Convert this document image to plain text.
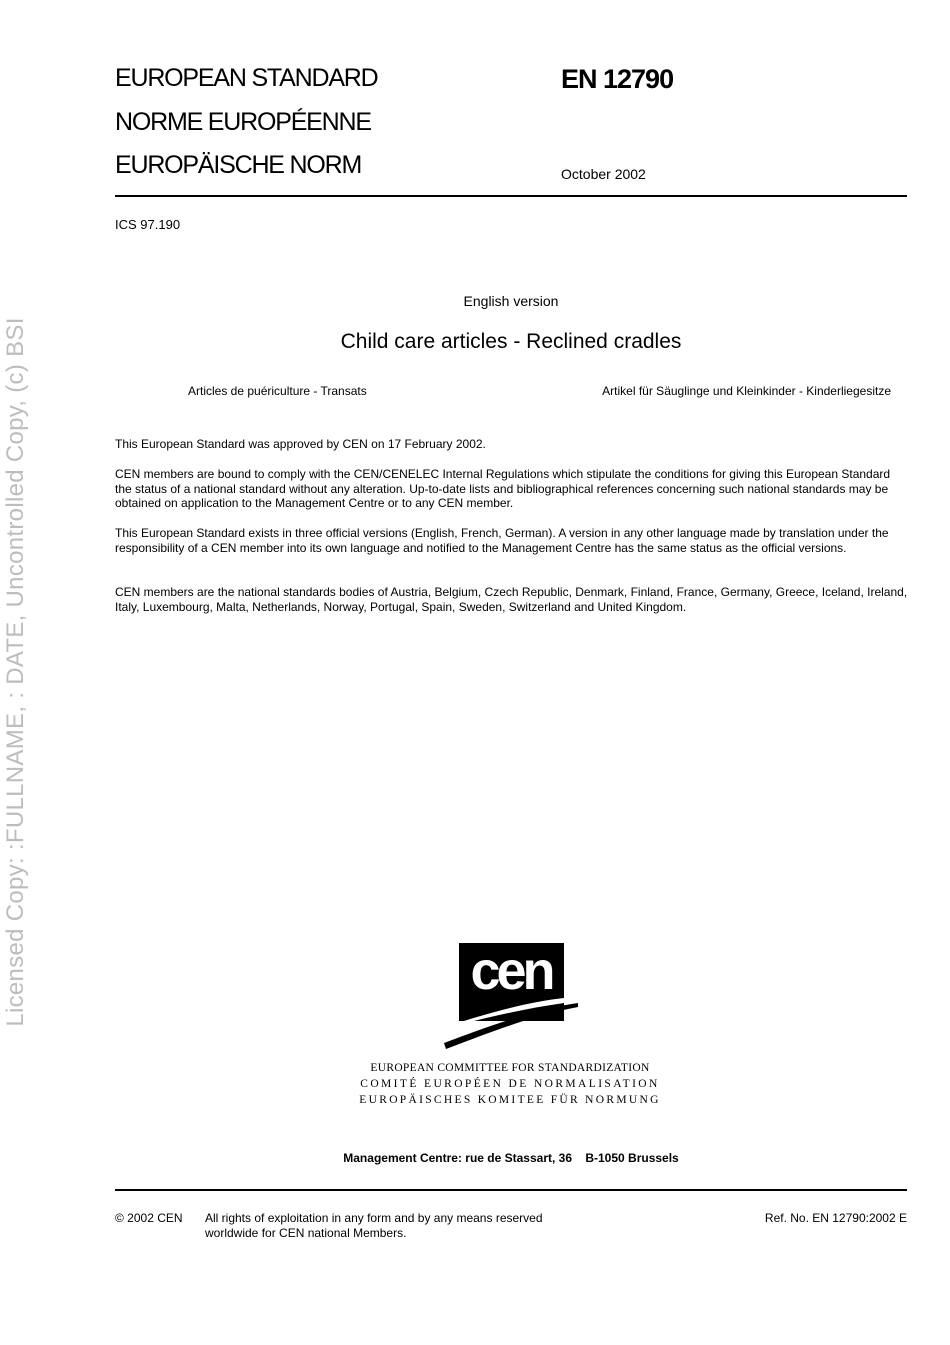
Licensed Copy: :FULLNAME, : DATE, Uncontrolled Copy, (c) BSI
EUROPEAN STANDARD
NORME EUROPÉENNE
EUROPÄISCHE NORM
EN 12790
October 2002
ICS 97.190
English version
Child care articles - Reclined cradles
Articles de puériculture - Transats	Artikel für Säuglinge und Kleinkinder - Kinderliegesitze
This European Standard was approved by CEN on 17 February 2002.
CEN members are bound to comply with the CEN/CENELEC Internal Regulations which stipulate the conditions for giving this European Standard the status of a national standard without any alteration. Up-to-date lists and bibliographical references concerning such national standards may be obtained on application to the Management Centre or to any CEN member.
This European Standard exists in three official versions (English, French, German). A version in any other language made by translation under the responsibility of a CEN member into its own language and notified to the Management Centre has the same status as the official versions.
CEN members are the national standards bodies of Austria, Belgium, Czech Republic, Denmark, Finland, France, Germany, Greece, Iceland, Ireland, Italy, Luxembourg, Malta, Netherlands, Norway, Portugal, Spain, Sweden, Switzerland and United Kingdom.
cen
EUROPEAN COMMITTEE FOR STANDARDIZATION
COMITÉ EUROPÉEN DE NORMALISATION
EUROPÄISCHES KOMITEE FÜR NORMUNG
Management Centre: rue de Stassart, 36    B-1050 Brussels
© 2002 CEN All rights of exploitation in any form and by any means reserved
worldwide for CEN national Members.
Ref. No. EN 12790:2002 E
